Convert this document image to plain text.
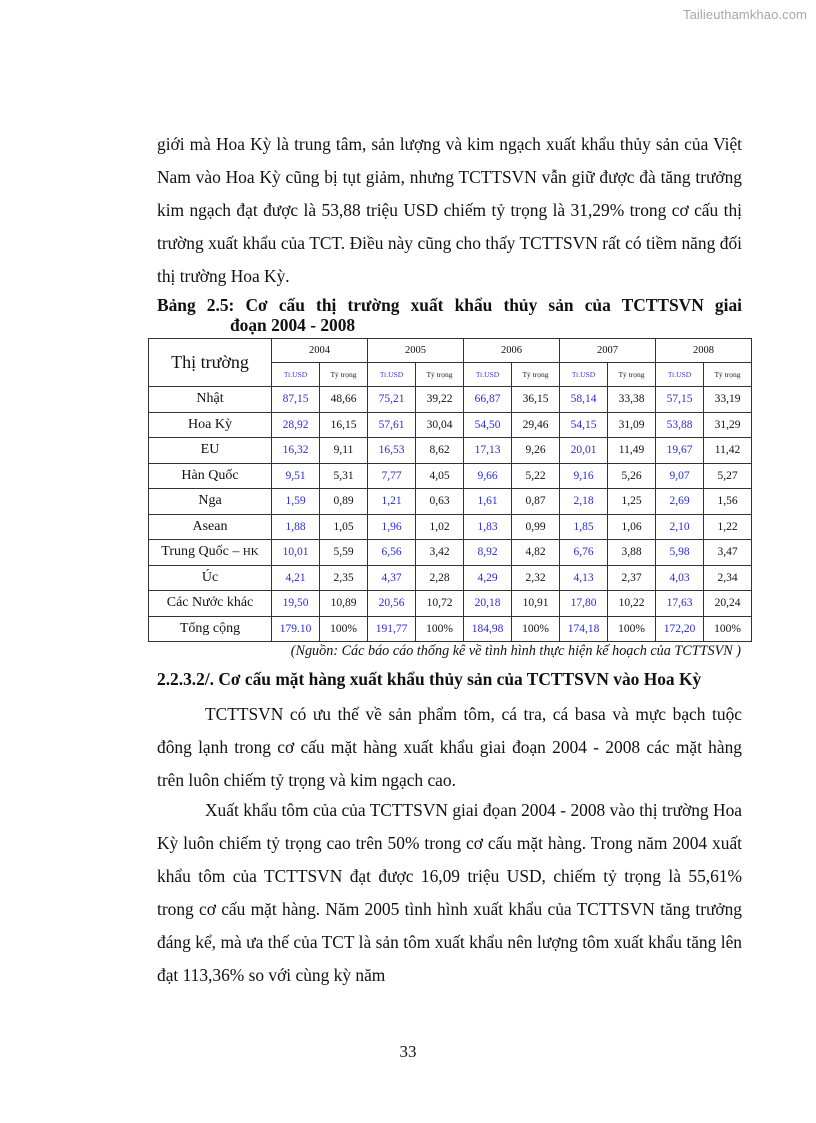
Tailieuthamkhao.com

giới mà Hoa Kỳ là trung tâm, sản lượng và kim ngạch xuất khẩu thủy sản của Việt Nam vào Hoa Kỳ cũng bị tụt giảm, nhưng TCTTSVN vẫn giữ được đà tăng trưởng kim ngạch đạt được là 53,88 triệu USD chiếm tỷ trọng là 31,29% trong cơ cấu thị trường xuất khẩu của TCT. Điều này cũng cho thấy TCTTSVN rất có tiềm năng đối thị trường Hoa Kỳ.

Bảng 2.5: Cơ cấu thị trường xuất khẩu thủy sản của TCTTSVN giai
đoạn 2004 - 2008
Thị trường	2004		2005		2006		2007		2008	
	Tr.USD	Tỷ trọng	Tr.USD	Tỷ trọng	Tr.USD	Tỷ trọng	Tr.USD	Tỷ trọng	Tr.USD	Tỷ trọng
Nhật	87,15	48,66	75,21	39,22	66,87	36,15	58,14	33,38	57,15	33,19
Hoa Kỳ	28,92	16,15	57,61	30,04	54,50	29,46	54,15	31,09	53,88	31,29
EU	16,32	9,11	16,53	8,62	17,13	9,26	20,01	11,49	19,67	11,42
Hàn Quốc	9,51	5,31	7,77	4,05	9,66	5,22	9,16	5,26	9,07	5,27
Nga	1,59	0,89	1,21	0,63	1,61	0,87	2,18	1,25	2,69	1,56
Asean	1,88	1,05	1,96	1,02	1,83	0,99	1,85	1,06	2,10	1,22
Trung Quốc – HK	10,01	5,59	6,56	3,42	8,92	4,82	6,76	3,88	5,98	3,47
Úc	4,21	2,35	4,37	2,28	4,29	2,32	4,13	2,37	4,03	2,34
Các Nước khác	19,50	10,89	20,56	10,72	20,18	10,91	17,80	10,22	17,63	20,24
Tổng cộng	179.10	100%	191,77	100%	184,98	100%	174,18	100%	172,20	100%
(Nguồn: Các báo cáo thống kê về tình hình thực hiện kế hoạch của TCTTSVN )
2.2.3.2/. Cơ cấu mặt hàng xuất khẩu thủy sản của TCTTSVN vào Hoa Kỳ

TCTTSVN có ưu thế về sản phẩm tôm, cá tra, cá basa và mực bạch tuộc đông lạnh trong cơ cấu mặt hàng xuất khẩu giai đoạn 2004 - 2008 các mặt hàng trên luôn chiếm tỷ trọng và kim ngạch cao.

Xuất khẩu tôm của của TCTTSVN giai đọan 2004 - 2008 vào thị trường Hoa Kỳ luôn chiếm tỷ trọng cao trên 50% trong cơ cấu mặt hàng. Trong năm 2004 xuất khẩu tôm của TCTTSVN đạt được 16,09 triệu USD, chiếm tỷ trọng là 55,61% trong cơ cấu mặt hàng. Năm 2005 tình hình xuất khẩu của TCTTSVN tăng trưởng đáng kể, mà ưa thế của TCT là sản tôm xuất khẩu nên lượng tôm xuất khẩu tăng lên đạt 113,36% so với cùng kỳ năm

33
